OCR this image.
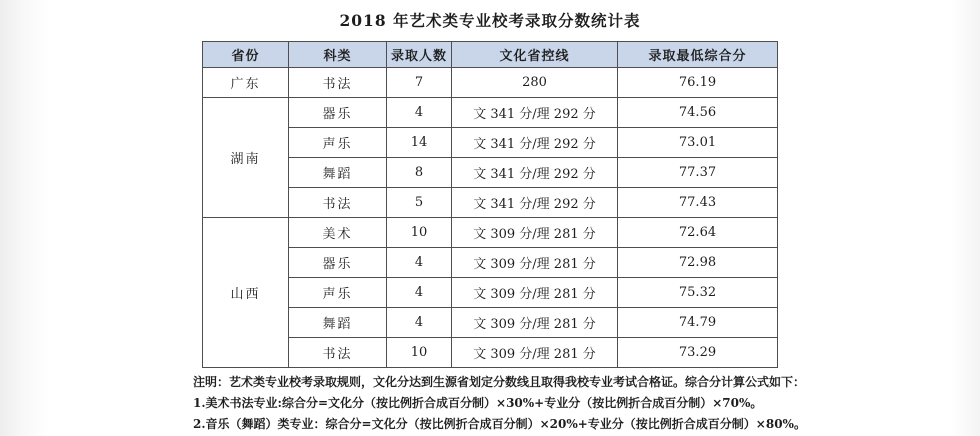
2018 年艺术类专业校考录取分数统计表
省份	科类	录取人数	文化省控线	录取最低综合分
广东	书法	7	280	76.19
湖南	器乐	4	文 341 分/理 292 分	74.56
	声乐	14	文 341 分/理 292 分	73.01
	舞蹈	8	文 341 分/理 292 分	77.37
	书法	5	文 341 分/理 292 分	77.43
山西	美术	10	文 309 分/理 281 分	72.64
	器乐	4	文 309 分/理 281 分	72.98
	声乐	4	文 309 分/理 281 分	75.32
	舞蹈	4	文 309 分/理 281 分	74.79
	书法	10	文 309 分/理 281 分	73.29
注明：艺术类专业校考录取规则，文化分达到生源省划定分数线且取得我校专业考试合格证。综合分计算公式如下：
1.美术书法专业:综合分=文化分（按比例折合成百分制）×30%+专业分（按比例折合成百分制）×70%。
2.音乐（舞蹈）类专业：综合分=文化分（按比例折合成百分制）×20%+专业分（按比例折合成百分制）×80%。
